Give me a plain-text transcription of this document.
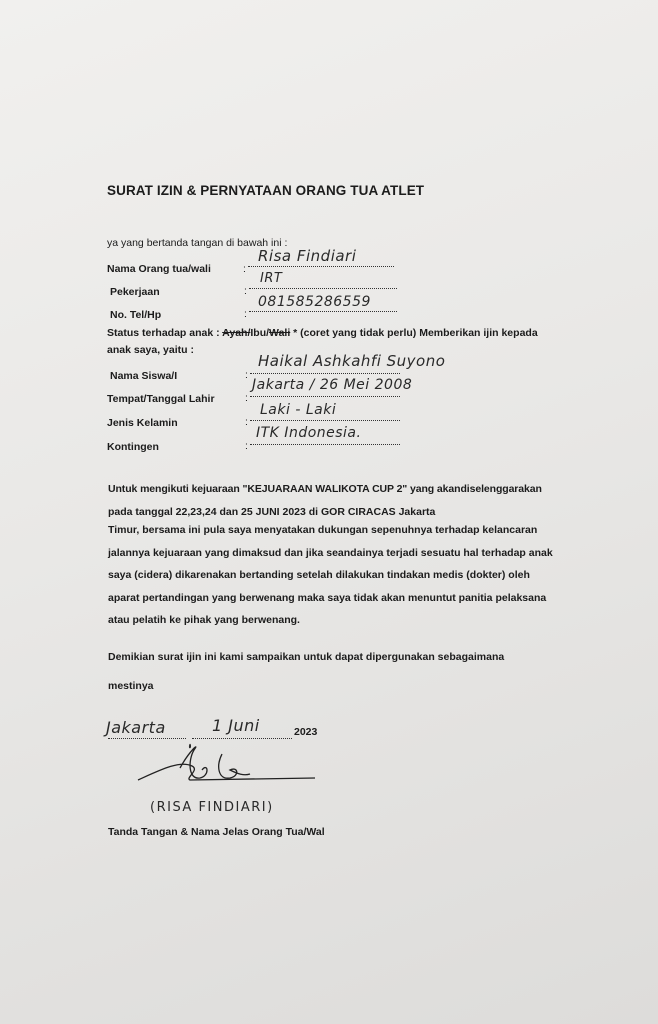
SURAT IZIN & PERNYATAAN ORANG TUA ATLET
ya yang bertanda tangan di bawah ini :
Nama Orang tua/wali	:
Risa Findiari
Pekerjaan	:
IRT
No. Tel/Hp	:
081585286559
Status terhadap anak : Ayah/Ibu/Wali * (coret yang tidak perlu) Memberikan ijin kepada
anak saya, yaitu :
Nama Siswa/I	:
Haikal Ashkahfi Suyono
Tempat/Tanggal Lahir	:
Jakarta / 26 Mei 2008
Jenis Kelamin	:
Laki - Laki
Kontingen	:
ITK Indonesia.
Untuk mengikuti kejuaraan "KEJUARAAN WALIKOTA CUP 2" yang akandiselenggarakan
pada tanggal 22,23,24 dan 25 JUNI 2023 di GOR CIRACAS Jakarta
Timur, bersama ini pula saya menyatakan dukungan sepenuhnya terhadap kelancaran
jalannya kejuaraan yang dimaksud dan jika seandainya terjadi sesuatu hal terhadap anak
saya (cidera) dikarenakan bertanding setelah dilakukan tindakan medis (dokter) oleh
aparat pertandingan yang berwenang maka saya tidak akan menuntut panitia pelaksana
atau pelatih ke pihak yang berwenang.
Demikian surat ijin ini kami sampaikan untuk dapat dipergunakan sebagaimana
mestinya
Jakarta	1 Juni	2023
(RISA FINDIARI)
Tanda Tangan & Nama Jelas Orang Tua/Wal
